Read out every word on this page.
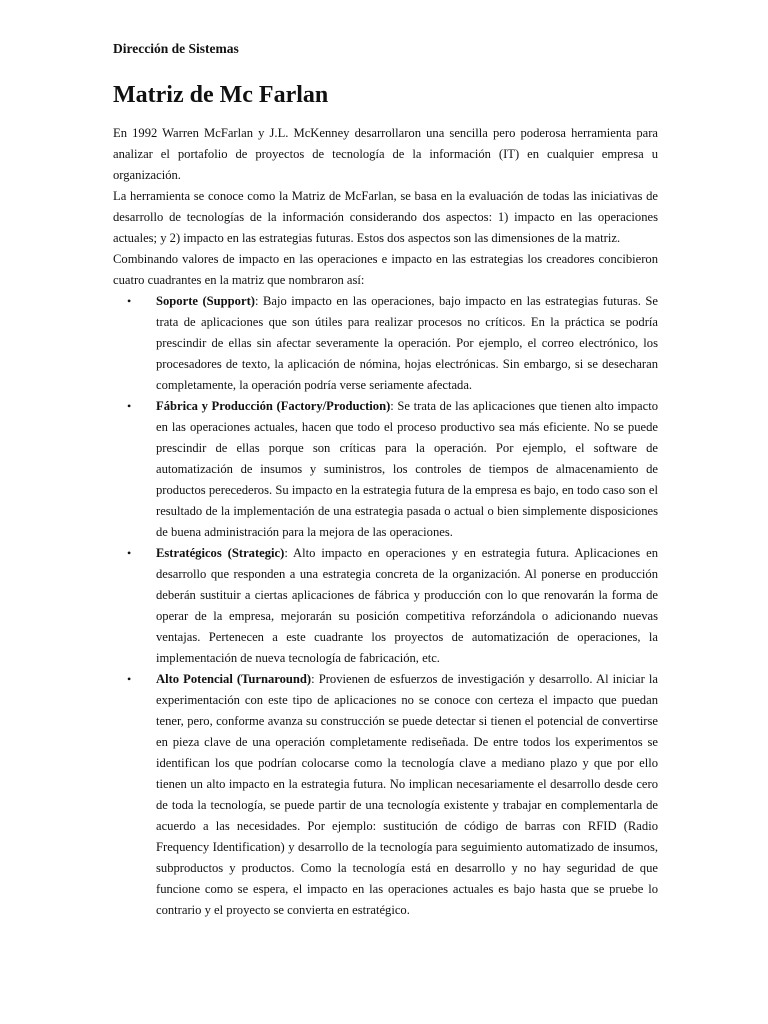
Dirección de Sistemas
Matriz de Mc Farlan

En 1992 Warren McFarlan y J.L. McKenney desarrollaron una sencilla pero poderosa herramienta para analizar el portafolio de proyectos de tecnología de la información (IT) en cualquier empresa u organización.

La herramienta se conoce como la Matriz de McFarlan, se basa en la evaluación de todas las iniciativas de desarrollo de tecnologías de la información considerando dos aspectos: 1) impacto en las operaciones actuales; y 2) impacto en las estrategias futuras. Estos dos aspectos son las dimensiones de la matriz.

Combinando valores de impacto en las operaciones e impacto en las estrategias los creadores concibieron cuatro cuadrantes en la matriz que nombraron así:

• Soporte (Support): Bajo impacto en las operaciones, bajo impacto en las estrategias futuras. Se trata de aplicaciones que son útiles para realizar procesos no críticos. En la práctica se podría prescindir de ellas sin afectar severamente la operación. Por ejemplo, el correo electrónico, los procesadores de texto, la aplicación de nómina, hojas electrónicas. Sin embargo, si se desecharan completamente, la operación podría verse seriamente afectada.
• Fábrica y Producción (Factory/Production): Se trata de las aplicaciones que tienen alto impacto en las operaciones actuales, hacen que todo el proceso productivo sea más eficiente. No se puede prescindir de ellas porque son críticas para la operación. Por ejemplo, el software de automatización de insumos y suministros, los controles de tiempos de almacenamiento de productos perecederos. Su impacto en la estrategia futura de la empresa es bajo, en todo caso son el resultado de la implementación de una estrategia pasada o actual o bien simplemente disposiciones de buena administración para la mejora de las operaciones.
• Estratégicos (Strategic): Alto impacto en operaciones y en estrategia futura. Aplicaciones en desarrollo que responden a una estrategia concreta de la organización. Al ponerse en producción deberán sustituir a ciertas aplicaciones de fábrica y producción con lo que renovarán la forma de operar de la empresa, mejorarán su posición competitiva reforzándola o adicionando nuevas ventajas. Pertenecen a este cuadrante los proyectos de automatización de operaciones, la implementación de nueva tecnología de fabricación, etc.
• Alto Potencial (Turnaround): Provienen de esfuerzos de investigación y desarrollo. Al iniciar la experimentación con este tipo de aplicaciones no se conoce con certeza el impacto que puedan tener, pero, conforme avanza su construcción se puede detectar si tienen el potencial de convertirse en pieza clave de una operación completamente rediseñada. De entre todos los experimentos se identifican los que podrían colocarse como la tecnología clave a mediano plazo y que por ello tienen un alto impacto en la estrategia futura. No implican necesariamente el desarrollo desde cero de toda la tecnología, se puede partir de una tecnología existente y trabajar en complementarla de acuerdo a las necesidades. Por ejemplo: sustitución de código de barras con RFID (Radio Frequency Identification) y desarrollo de la tecnología para seguimiento automatizado de insumos, subproductos y productos. Como la tecnología está en desarrollo y no hay seguridad de que funcione como se espera, el impacto en las operaciones actuales es bajo hasta que se pruebe lo contrario y el proyecto se convierta en estratégico.
